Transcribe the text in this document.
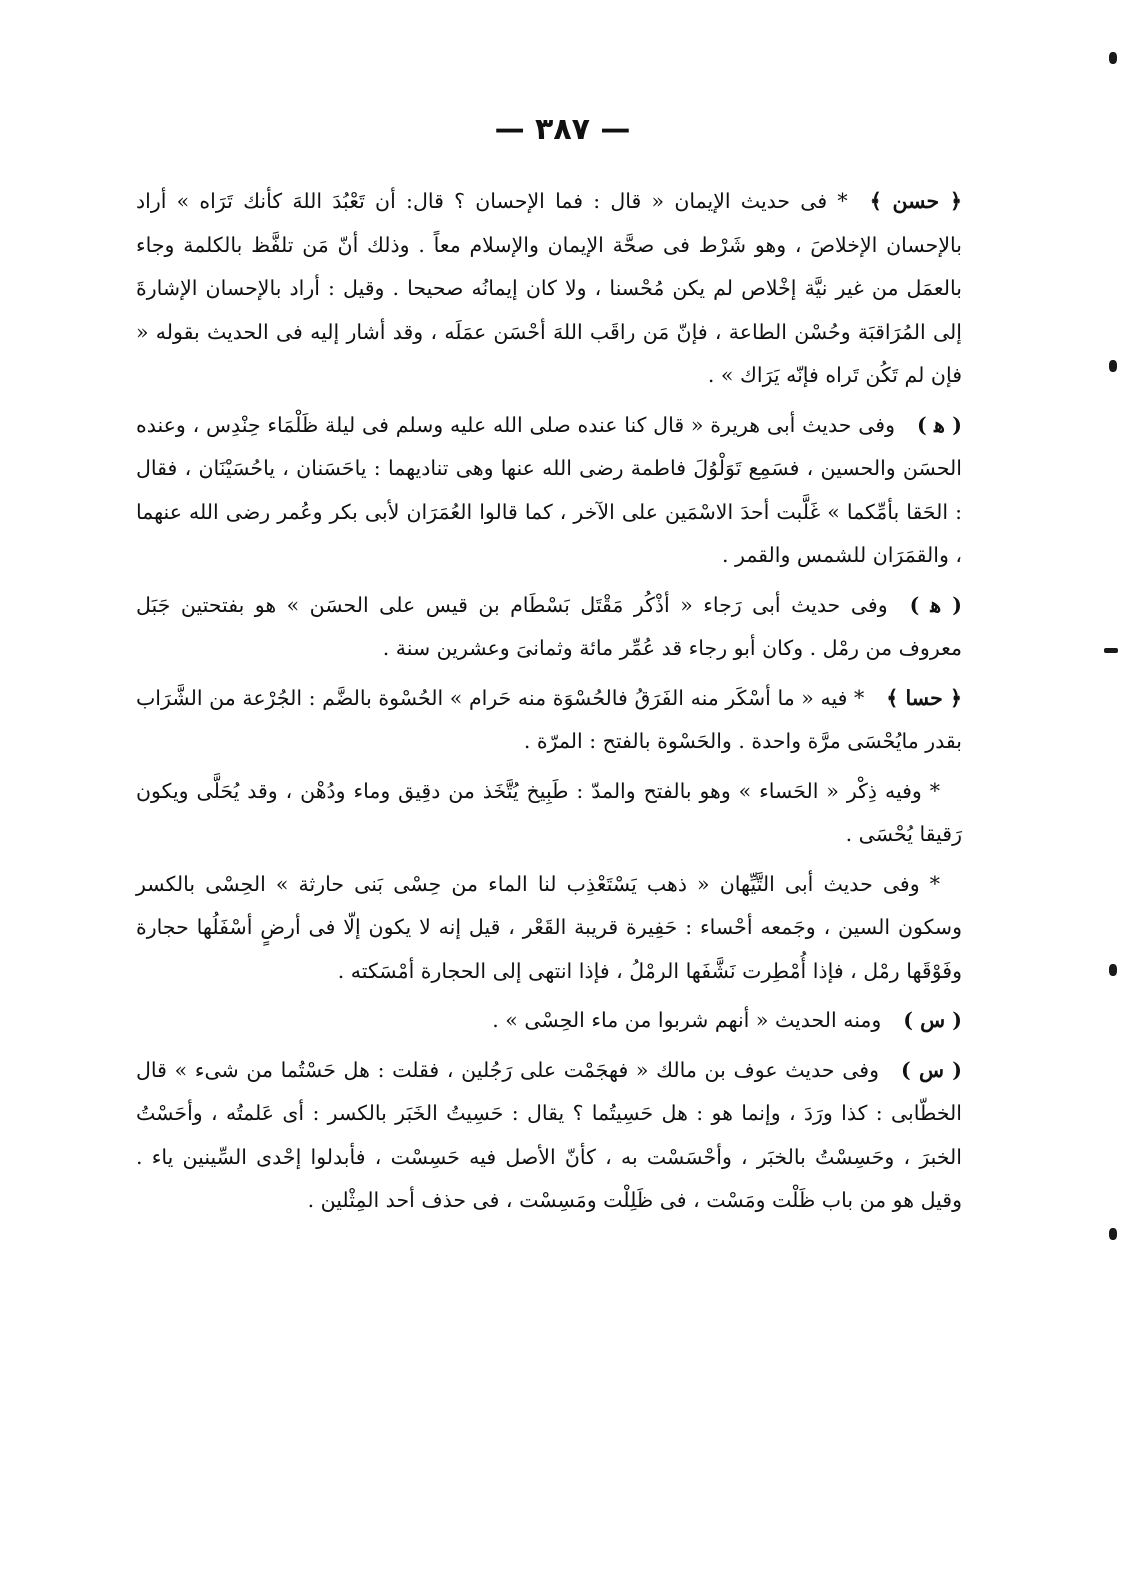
— ٣٨٧ —

﴿ حسن ﴾* فى حديث الإيمان « قال : فما الإحسان ؟ قال: أن تَعْبُدَ اللهَ كأنك تَرَاه » أراد بالإحسان الإخلاصَ ، وهو شَرْط فى صحَّة الإيمان والإسلام معاً . وذلك أنّ مَن تلفَّظ بالكلمة وجاء بالعمَل من غير نيَّة إخْلاص لم يكن مُحْسنا ، ولا كان إيمانُه صحيحا . وقيل : أراد بالإحسان الإشارةَ إلى المُرَاقبَة وحُسْن الطاعة ، فإنّ مَن راقَب اللهَ أحْسَن عمَلَه ، وقد أشار إليه فى الحديث بقوله « فإن لم تَكُن تَراه فإنّه يَرَاك » .

( ﻫ )وفى حديث أبى هريرة « قال كنا عنده صلى الله عليه وسلم فى ليلة ظَلْمَاء حِنْدِس ، وعنده الحسَن والحسين ، فسَمِع تَوَلْوُلَ فاطمة رضى الله عنها وهى تناديهما : ياحَسَنان ، ياحُسَيْنَان ، فقال : الحَقا بأمِّكما » غَلَّبت أحدَ الاسْمَين على الآخر ، كما قالوا العُمَرَان لأبى بكر وعُمر رضى الله عنهما ، والقمَرَان للشمس والقمر .

( ﻫ )وفى حديث أبى رَجاء « أذْكُر مَقْتَل بَسْطَام بن قيس على الحسَن » هو بفتحتين جَبَل معروف من رمْل . وكان أبو رجاء قد عُمِّر مائة وثمانىَ وعشرين سنة .

﴿ حسا ﴾* فيه « ما أسْكَر منه الفَرَقُ فالحُسْوَة منه حَرام » الحُسْوة بالضَّم : الجُرْعة من الشَّرَاب بقدر مايُحْسَى مرَّة واحدة . والحَسْوة بالفتح : المرّة .

* وفيه ذِكْر « الحَساء » وهو بالفتح والمدّ : طَبِيخ يُتَّخَذ من دقِيق وماء ودُهْن ، وقد يُحَلَّى ويكون رَقيقا يُحْسَى .

* وفى حديث أبى التَّيِّهان « ذهب يَسْتَعْذِب لنا الماء من حِسْى بَنى حارثة » الحِسْى بالكسر وسكون السين ، وجَمعه أحْساء : حَفِيرة قريبة القَعْر ، قيل إنه لا يكون إلّا فى أرضٍ أسْفَلُها حجارة وفَوْقَها رمْل ، فإذا أُمْطِرت نَشَّفَها الرمْلُ ، فإذا انتهى إلى الحجارة أمْسَكته .

( س )ومنه الحديث « أنهم شربوا من ماء الحِسْى » .

( س )وفى حديث عوف بن مالك « فهجَمْت على رَجُلين ، فقلت : هل حَسْتُما من شىء » قال الخطّابى : كذا ورَدَ ، وإنما هو : هل حَسِيتُما ؟ يقال : حَسِيتُ الخَبَر بالكسر : أى عَلمتُه ، وأحَسْتُ الخبرَ ، وحَسِسْتُ بالخبَر ، وأحْسَسْت به ، كأنّ الأصل فيه حَسِسْت ، فأبدلوا إحْدى السِّينين ياء . وقيل هو من باب ظَلْت ومَسْت ، فى ظَلِلْت ومَسِسْت ، فى حذف أحد المِثْلين .
